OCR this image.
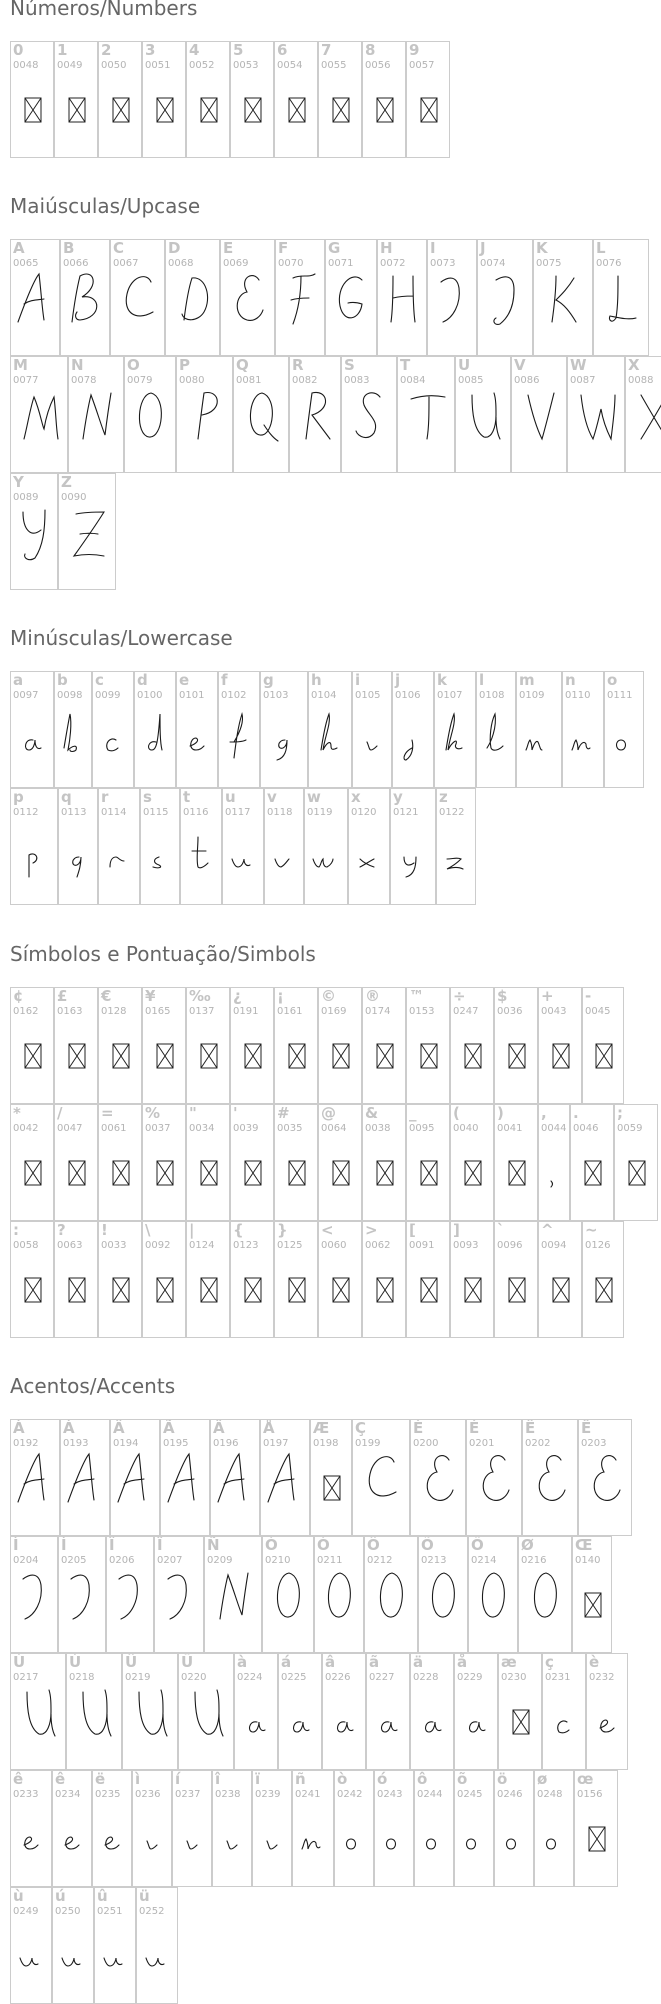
Números/Numbers
0
0048
1
0049
2
0050
3
0051
4
0052
5
0053
6
0054
7
0055
8
0056
9
0057
Maiúsculas/Upcase
A
0065
B
0066
C
0067
D
0068
E
0069
F
0070
G
0071
H
0072
I
0073
J
0074
K
0075
L
0076
M
0077
N
0078
O
0079
P
0080
Q
0081
R
0082
S
0083
T
0084
U
0085
V
0086
W
0087
X
0088
Y
0089
Z
0090
Minúsculas/Lowercase
a
0097
b
0098
c
0099
d
0100
e
0101
f
0102
g
0103
h
0104
i
0105
j
0106
k
0107
l
0108
m
0109
n
0110
o
0111
p
0112
q
0113
r
0114
s
0115
t
0116
u
0117
v
0118
w
0119
x
0120
y
0121
z
0122
Símbolos e Pontuação/Simbols
¢
0162
£
0163
€
0128
¥
0165
‰
0137
¿
0191
¡
0161
©
0169
®
0174
™
0153
÷
0247
$
0036
+
0043
-
0045
*
0042
/
0047
=
0061
%
0037
"
0034
'
0039
#
0035
@
0064
&
0038
_
0095
(
0040
)
0041
,
0044
.
0046
;
0059
:
0058
?
0063
!
0033
\
0092
|
0124
{
0123
}
0125
<
0060
>
0062
[
0091
]
0093
`
0096
^
0094
~
0126
Acentos/Accents
À
0192
Á
0193
Â
0194
Ã
0195
Ä
0196
Å
0197
Æ
0198
Ç
0199
È
0200
É
0201
Ê
0202
Ë
0203
Ì
0204
Í
0205
Î
0206
Ï
0207
Ñ
0209
Ò
0210
Ó
0211
Ô
0212
Õ
0213
Ö
0214
Ø
0216
Œ
0140
Ù
0217
Ú
0218
Û
0219
Ü
0220
à
0224
á
0225
â
0226
ã
0227
ä
0228
å
0229
æ
0230
ç
0231
è
0232
ê
0233
ê
0234
ë
0235
ì
0236
í
0237
î
0238
ï
0239
ñ
0241
ò
0242
ó
0243
ô
0244
õ
0245
ö
0246
ø
0248
œ
0156
ù
0249
ú
0250
û
0251
ü
0252
